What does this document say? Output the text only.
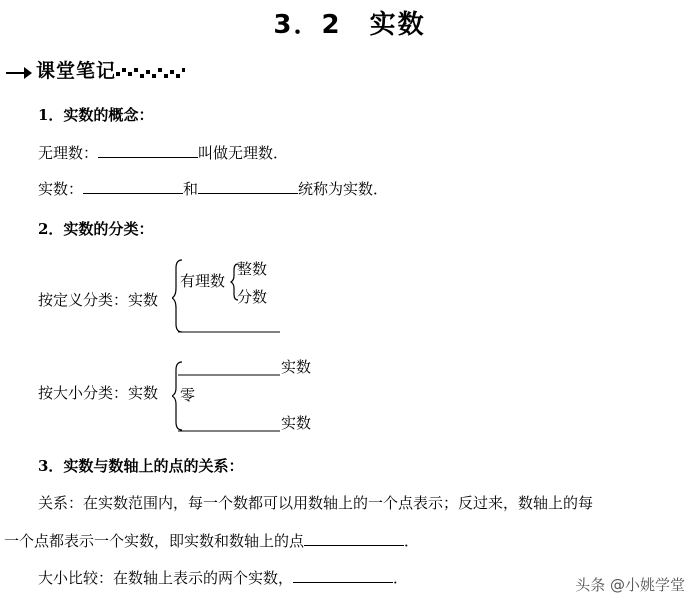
3．2　实数
课堂笔记
1．实数的概念：
无理数：	叫做无理数．
实数：	和	统称为实数．
2．实数的分类：
按定义分类：实数
有理数
整数
分数
按大小分类：实数
实数
零
实数
3．实数与数轴上的点的关系：
关系：在实数范围内，每一个数都可以用数轴上的一个点表示；反过来，数轴上的每
一个点都表示一个实数，即实数和数轴上的点	．
大小比较：在数轴上表示的两个实数，	．	头条 @小姚学堂
